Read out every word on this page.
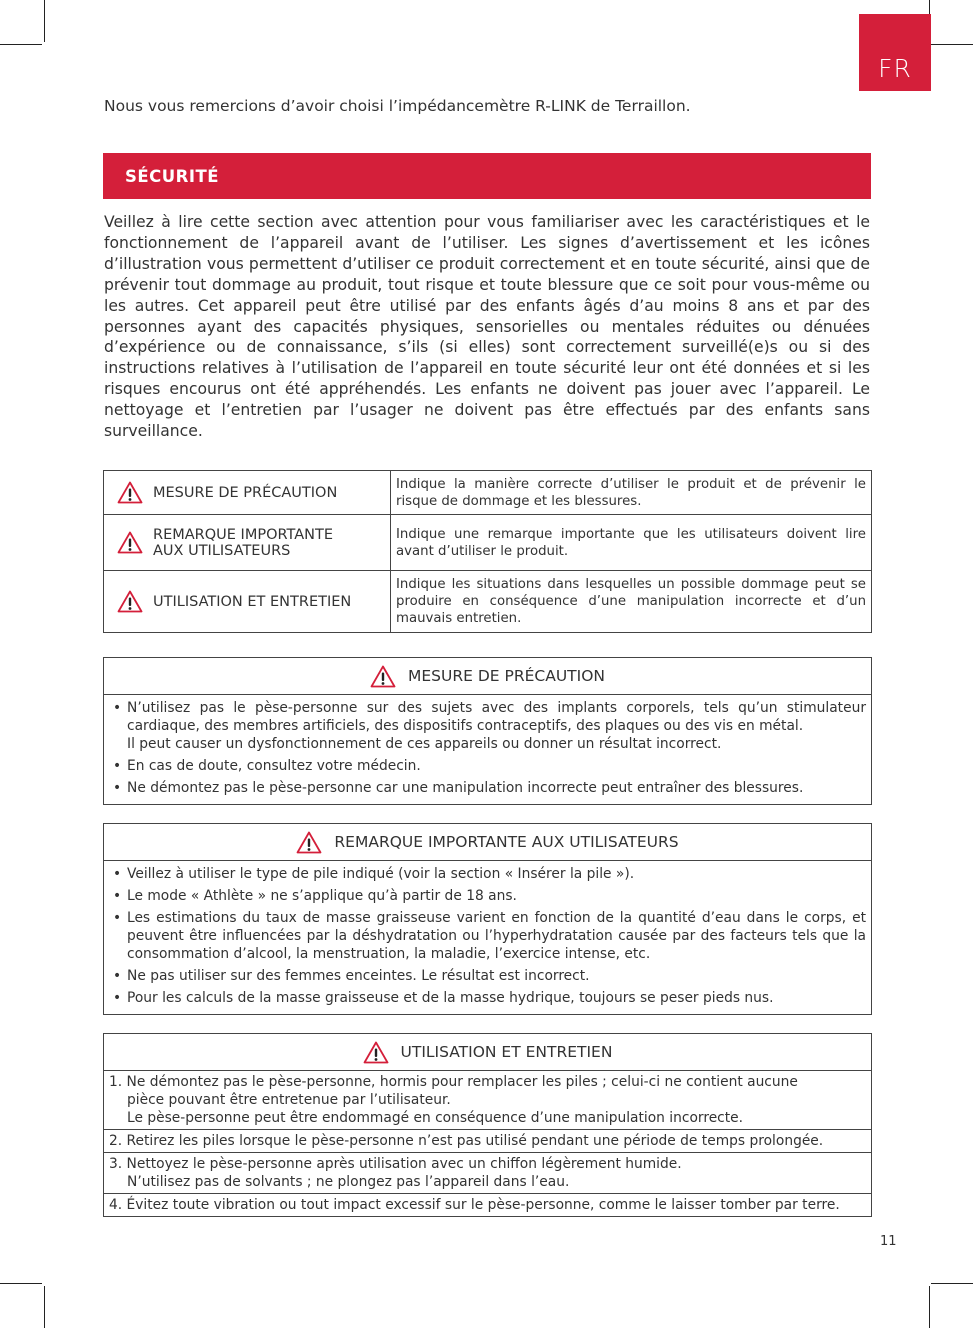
FR
Nous vous remercions d’avoir choisi l’impédancemètre R-LINK de Terraillon.
SÉCURITÉ
Veillez à lire cette section avec attention pour vous familiariser avec les caractéristiques et le fonctionnement de l’appareil avant de l’utiliser. Les signes d’avertissement et les icônes d’illustration vous permettent d’utiliser ce produit correctement et en toute sécurité, ainsi que de prévenir tout dommage au produit, tout risque et toute blessure que ce soit pour vous-même ou les autres. Cet appareil peut être utilisé par des enfants âgés d’au moins 8 ans et par des personnes ayant des capacités physiques, sensorielles ou mentales réduites ou dénuées d’expérience ou de connaissance, s’ils (si elles) sont correctement surveillé(e)s ou si des instructions relatives à l’utilisation de l’appareil en toute sécurité leur ont été données et si les risques encourus ont été appréhendés. Les enfants ne doivent pas jouer avec l’appareil. Le nettoyage et l’entretien par l’usager ne doivent pas être effectués par des enfants sans surveillance.
MESURE DE PRÉCAUTION	Indique la manière correcte d’utiliser le produit et de prévenir le risque de dommage et les blessures.

REMARQUE IMPORTANTE
AUX UTILISATEURS	Indique une remarque importante que les utilisateurs doivent lire avant d’utiliser le produit.

UTILISATION ET ENTRETIEN	Indique les situations dans lesquelles un possible dommage peut se produire en conséquence d’une manipulation incorrecte et d’un mauvais entretien.
MESURE DE PRÉCAUTION
• N’utilisez pas le pèse-personne sur des sujets avec des implants corporels, tels qu’un stimulateur cardiaque, des membres artificiels, des dispositifs contraceptifs, des plaques ou des vis en métal.
Il peut causer un dysfonctionnement de ces appareils ou donner un résultat incorrect.
• En cas de doute, consultez votre médecin.
• Ne démontez pas le pèse-personne car une manipulation incorrecte peut entraîner des blessures.
REMARQUE IMPORTANTE AUX UTILISATEURS
• Veillez à utiliser le type de pile indiqué (voir la section « Insérer la pile »).
• Le mode « Athlète » ne s’applique qu’à partir de 18 ans.
• Les estimations du taux de masse graisseuse varient en fonction de la quantité d’eau dans le corps, et peuvent être influencées par la déshydratation ou l’hyperhydratation causée par des facteurs tels que la consommation d’alcool, la menstruation, la maladie, l’exercice intense, etc.
• Ne pas utiliser sur des femmes enceintes. Le résultat est incorrect.
• Pour les calculs de la masse graisseuse et de la masse hydrique, toujours se peser pieds nus.
UTILISATION ET ENTRETIEN
1. Ne démontez pas le pèse-personne, hormis pour remplacer les piles ; celui-ci ne contient aucune
pièce pouvant être entretenue par l’utilisateur.
Le pèse-personne peut être endommagé en conséquence d’une manipulation incorrecte.
2. Retirez les piles lorsque le pèse-personne n’est pas utilisé pendant une période de temps prolongée.
3. Nettoyez le pèse-personne après utilisation avec un chiffon légèrement humide.
N’utilisez pas de solvants ; ne plongez pas l’appareil dans l’eau.
4. Évitez toute vibration ou tout impact excessif sur le pèse-personne, comme le laisser tomber par terre.
11
